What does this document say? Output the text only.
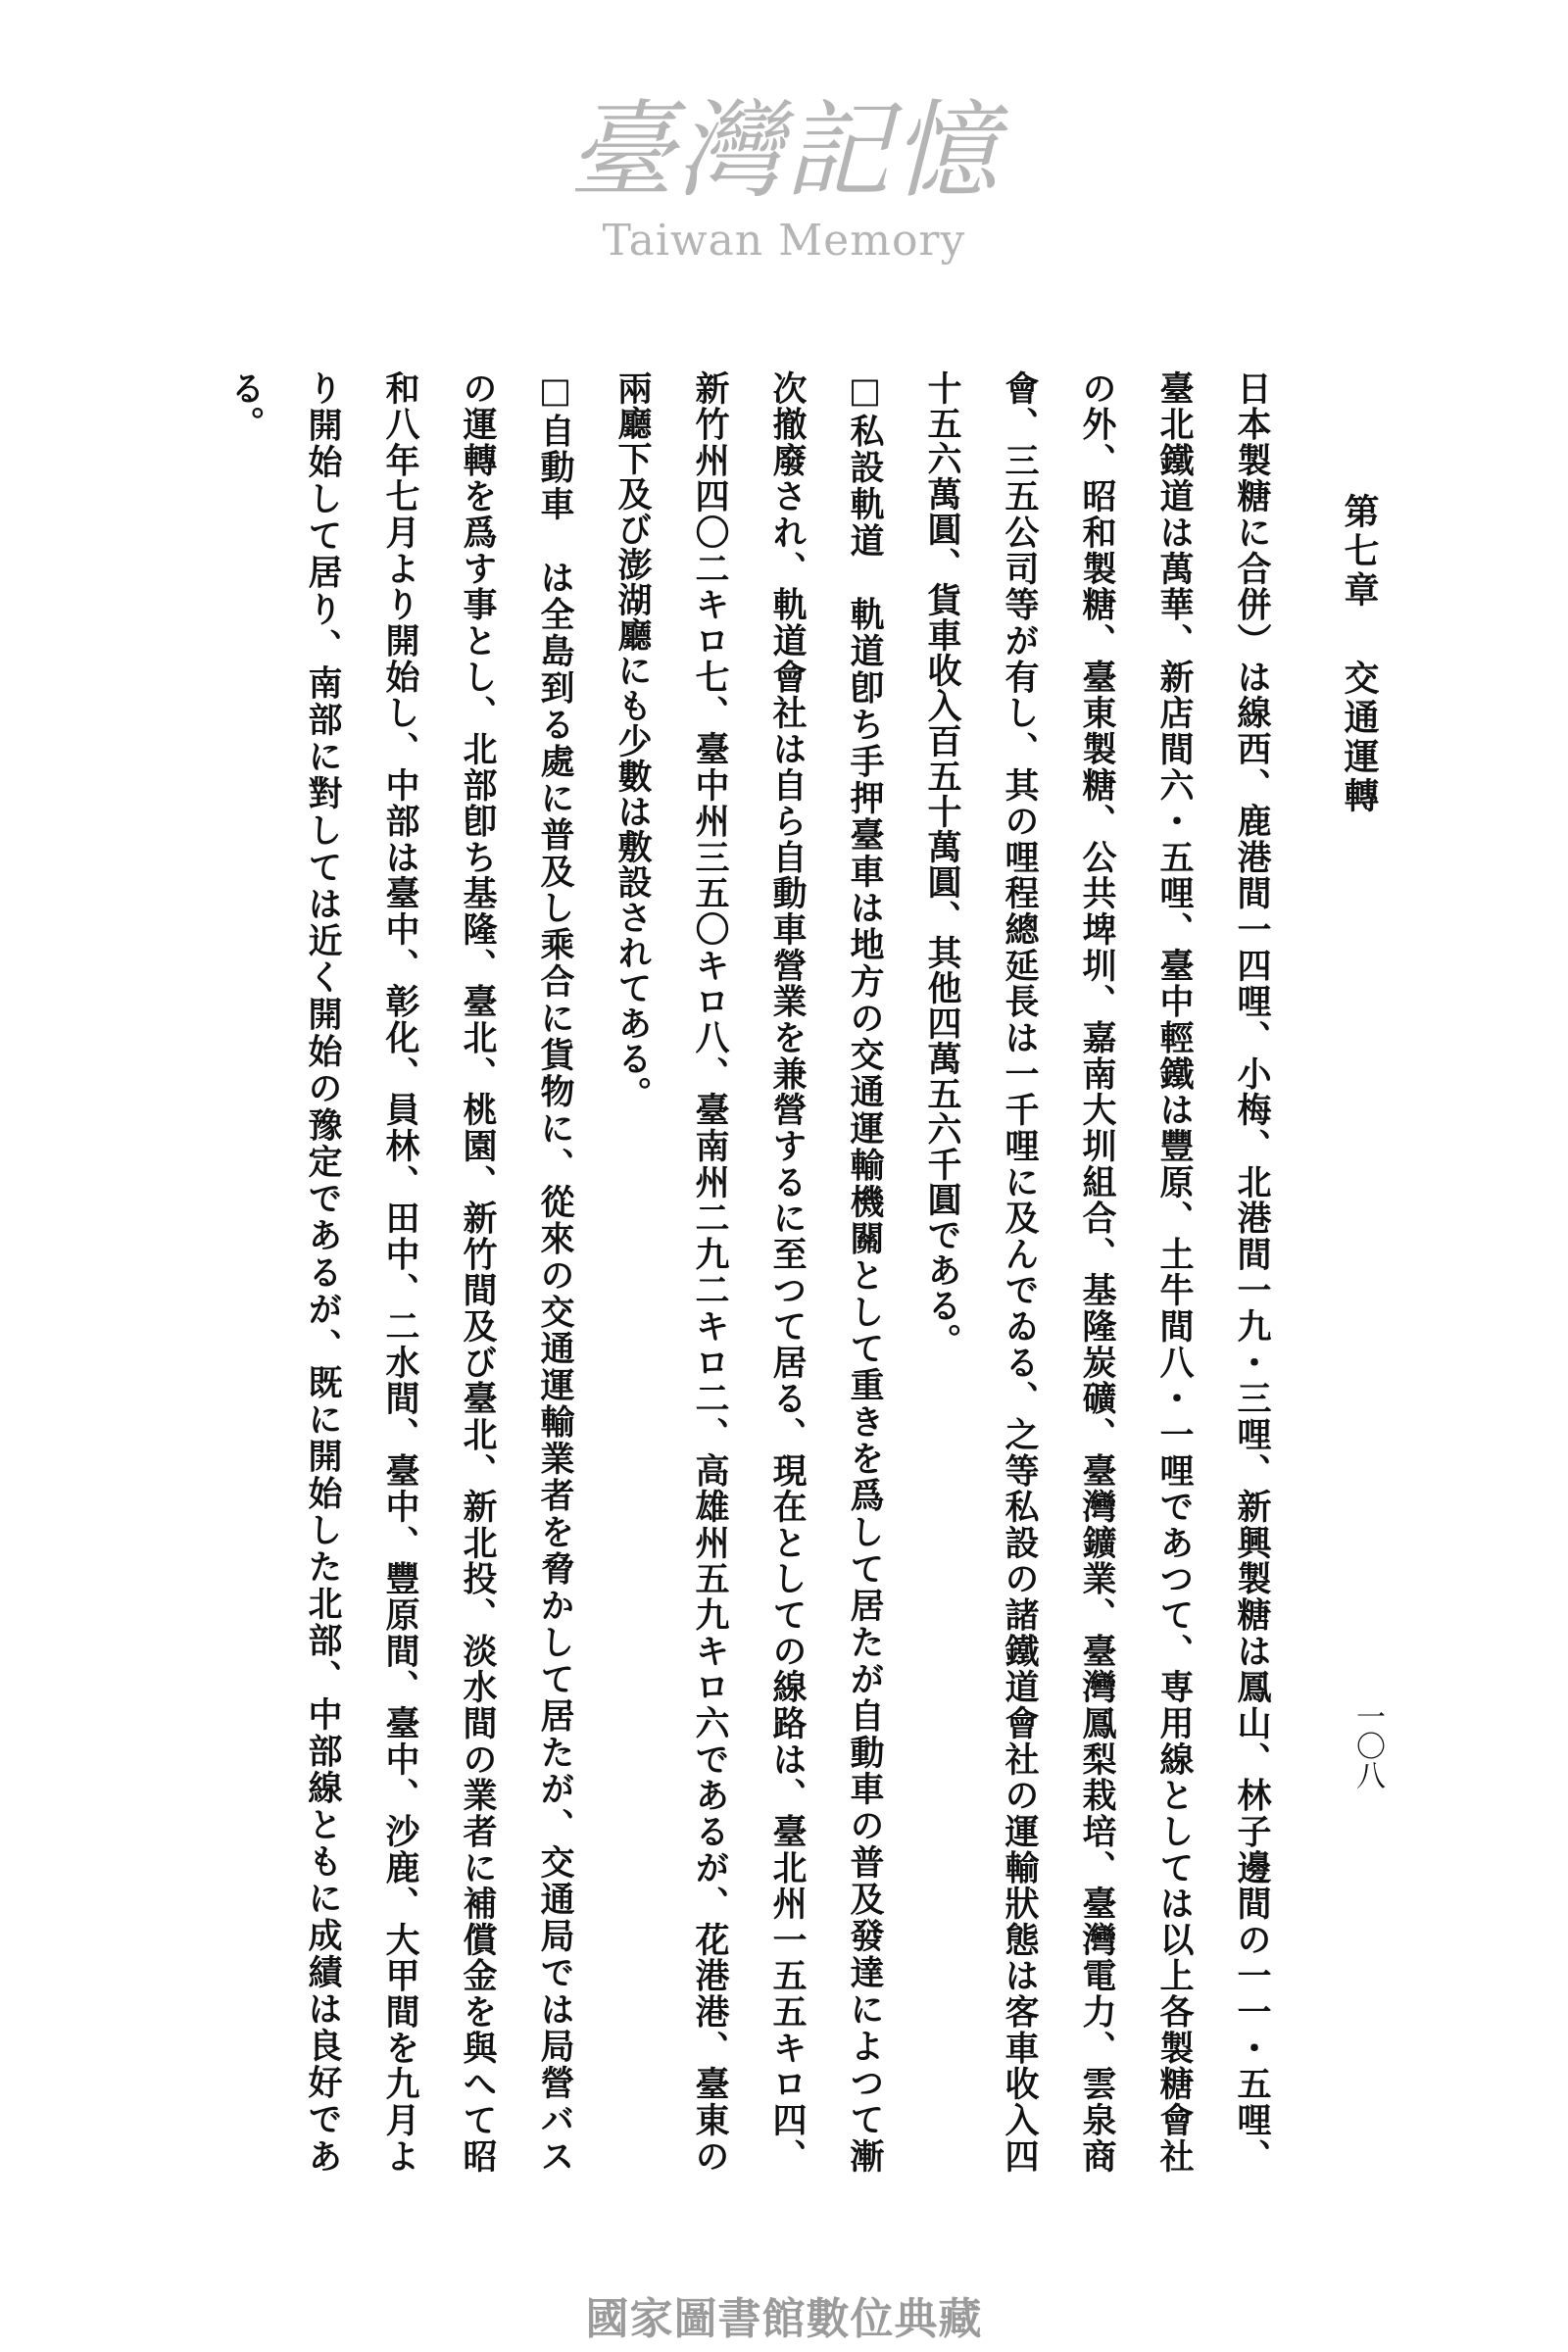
第七章交通運轉
一〇八
日本製糖に合併）は線西、鹿港間一四哩、小梅、北港間一九・三哩、新興製糖は鳳山、林子邊間の一一・五哩、
臺北鐵道は萬華、新店間六・五哩、臺中輕鐵は豐原、土牛間八・一哩であつて、専用線としては以上各製糖會社
の外、昭和製糖、臺東製糖、公共埤圳、嘉南大圳組合、基隆炭礦、臺灣鑛業、臺灣鳳梨栽培、臺灣電力、雲泉商
會、三五公司等が有し、其の哩程總延長は一千哩に及んでゐる、之等私設の諸鐵道會社の運輸狀態は客車收入四
十五六萬圓、貨車收入百五十萬圓、其他四萬五六千圓である。
□私設軌道　軌道卽ち手押臺車は地方の交通運輸機關として重きを爲して居たが自動車の普及發達によつて漸
次撤廢され、軌道會社は自ら自動車營業を兼營するに至つて居る、現在としての線路は、臺北州一五五キロ四、
新竹州四〇二キロ七、臺中州三五〇キロ八、臺南州二九二キロ二、高雄州五九キロ六であるが、花港港、臺東の
兩廳下及び澎湖廳にも少數は敷設されてある。
□自動車　は全島到る處に普及し乘合に貨物に、從來の交通運輸業者を脅かして居たが、交通局では局營バス
の運轉を爲す事とし、北部卽ち基隆、臺北、桃園、新竹間及び臺北、新北投、淡水間の業者に補償金を與へて昭
和八年七月より開始し、中部は臺中、彰化、員林、田中、二水間、臺中、豐原間、臺中、沙鹿、大甲間を九月よ
り開始して居り、南部に對しては近く開始の豫定であるが、既に開始した北部、中部線ともに成績は良好であ
る。
臺灣記憶
Taiwan Memory
國家圖書館數位典藏
